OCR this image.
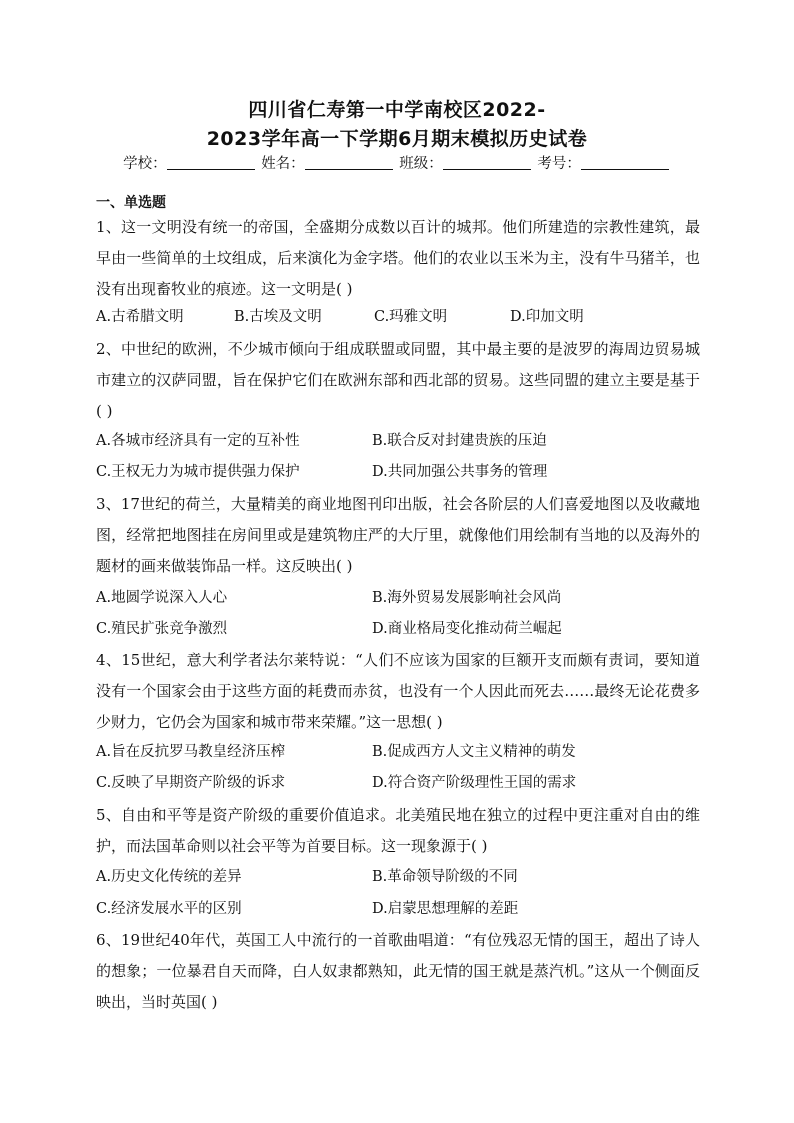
四川省仁寿第一中学南校区2022-
2023学年高一下学期6月期末模拟历史试卷
学校：	姓名：	班级：	考号：
一、单选题
1、这一文明没有统一的帝国，全盛期分成数以百计的城邦。他们所建造的宗教性建筑，最早由一些简单的土坟组成，后来演化为金字塔。他们的农业以玉米为主，没有牛马猪羊，也没有出现畜牧业的痕迹。这一文明是( )
A.古希腊文明	B.古埃及文明	C.玛雅文明	D.印加文明
2、中世纪的欧洲，不少城市倾向于组成联盟或同盟，其中最主要的是波罗的海周边贸易城市建立的汉萨同盟，旨在保护它们在欧洲东部和西北部的贸易。这些同盟的建立主要是基于( )
A.各城市经济具有一定的互补性	B.联合反对封建贵族的压迫
C.王权无力为城市提供强力保护	D.共同加强公共事务的管理
3、17世纪的荷兰，大量精美的商业地图刊印出版，社会各阶层的人们喜爱地图以及收藏地图，经常把地图挂在房间里或是建筑物庄严的大厅里，就像他们用绘制有当地的以及海外的题材的画来做装饰品一样。这反映出( )
A.地圆学说深入人心	B.海外贸易发展影响社会风尚
C.殖民扩张竞争激烈	D.商业格局变化推动荷兰崛起
4、15世纪，意大利学者法尔莱特说：“人们不应该为国家的巨额开支而颇有责词，要知道没有一个国家会由于这些方面的耗费而赤贫，也没有一个人因此而死去……最终无论花费多少财力，它仍会为国家和城市带来荣耀。”这一思想( )
A.旨在反抗罗马教皇经济压榨	B.促成西方人文主义精神的萌发
C.反映了早期资产阶级的诉求	D.符合资产阶级理性王国的需求
5、自由和平等是资产阶级的重要价值追求。北美殖民地在独立的过程中更注重对自由的维护，而法国革命则以社会平等为首要目标。这一现象源于( )
A.历史文化传统的差异	B.革命领导阶级的不同
C.经济发展水平的区别	D.启蒙思想理解的差距
6、19世纪40年代，英国工人中流行的一首歌曲唱道：“有位残忍无情的国王，超出了诗人的想象；一位暴君自天而降，白人奴隶都熟知，此无情的国王就是蒸汽机。”这从一个侧面反映出，当时英国( )
